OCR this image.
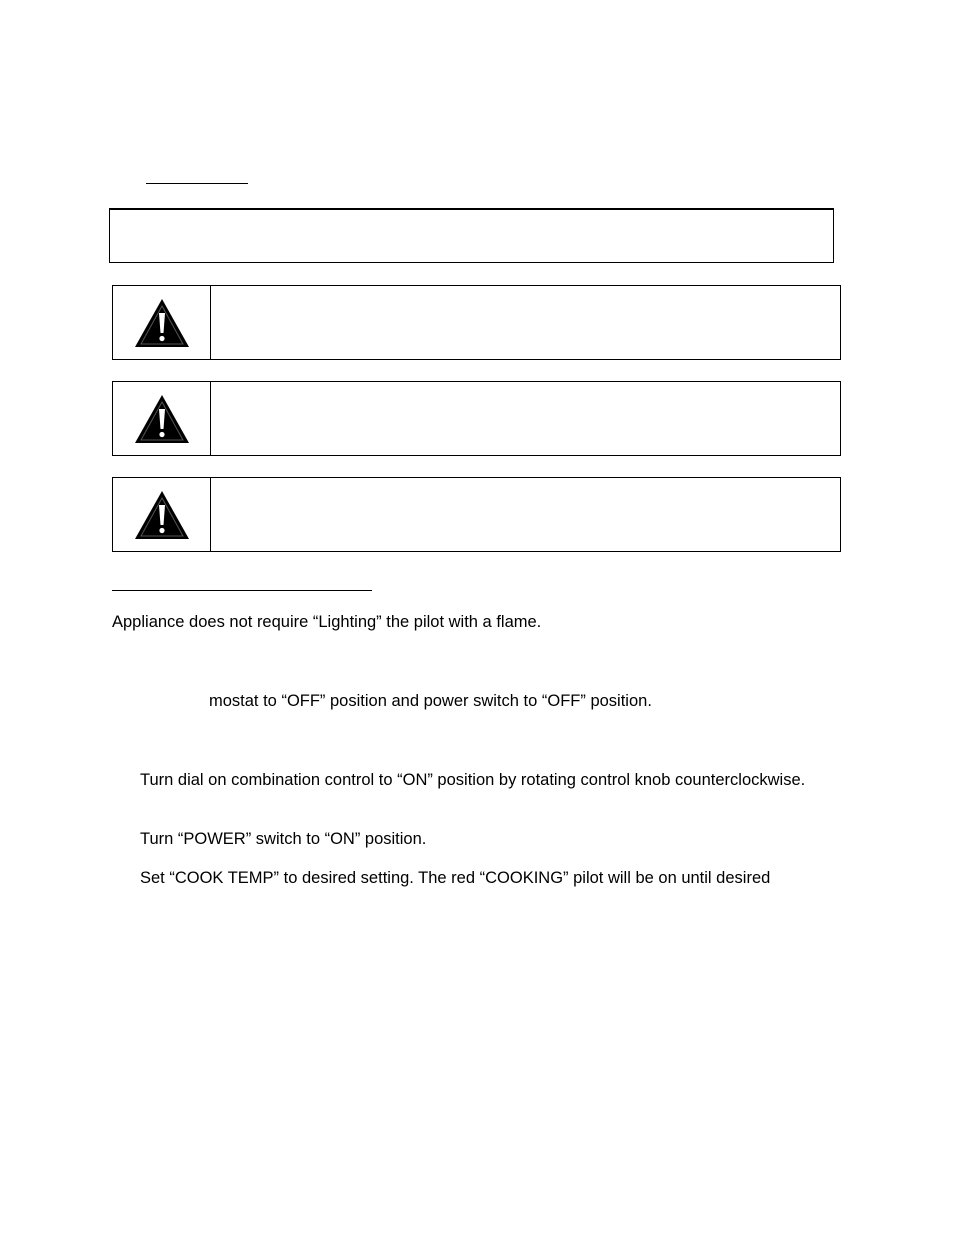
Appliance does not require “Lighting” the pilot with a flame.
mostat to “OFF” position and power switch to “OFF” position.
Turn dial on combination control to “ON” position by rotating control knob counterclockwise.
Turn “POWER” switch to “ON” position.
Set “COOK TEMP” to desired setting. The red “COOKING” pilot will be on until desired
